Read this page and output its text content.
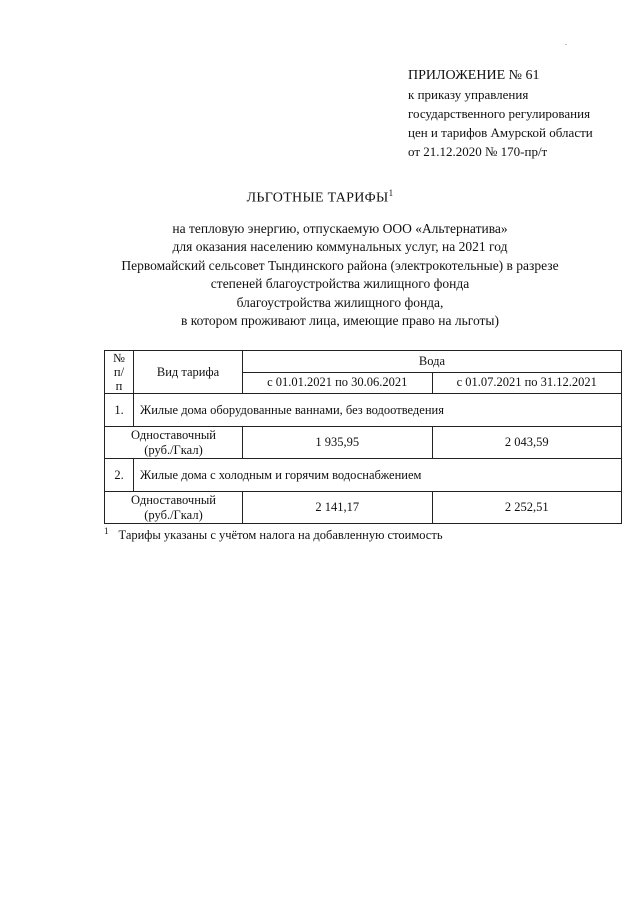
.
ПРИЛОЖЕНИЕ № 61
к приказу управления
государственного регулирования
цен и тарифов Амурской области
от 21.12.2020 № 170-пр/т
ЛЬГОТНЫЕ ТАРИФЫ$^1$
на тепловую энергию, отпускаемую ООО «Альтернатива»
для оказания населению коммунальных услуг, на 2021 год
Первомайский сельсовет Тындинского района (электрокотельные) в разрезе
степеней благоустройства жилищного фонда
благоустройства жилищного фонда,
в котором проживают лица, имеющие право на льготы)
№
п/п	Вид тарифа	Вода	
		с 01.01.2021 по 30.06.2021	с 01.07.2021 по 31.12.2021
1.	Жилые дома оборудованные ваннами, без водоотведения		

Одноставочный
(руб./Гкал)		1 935,95	2 043,59
2.	Жилые дома с холодным и горячим водоснабжением		

Одноставочный
(руб./Гкал)		2 141,17	2 252,51
$^1$ Тарифы указаны с учётом налога на добавленную стоимость
